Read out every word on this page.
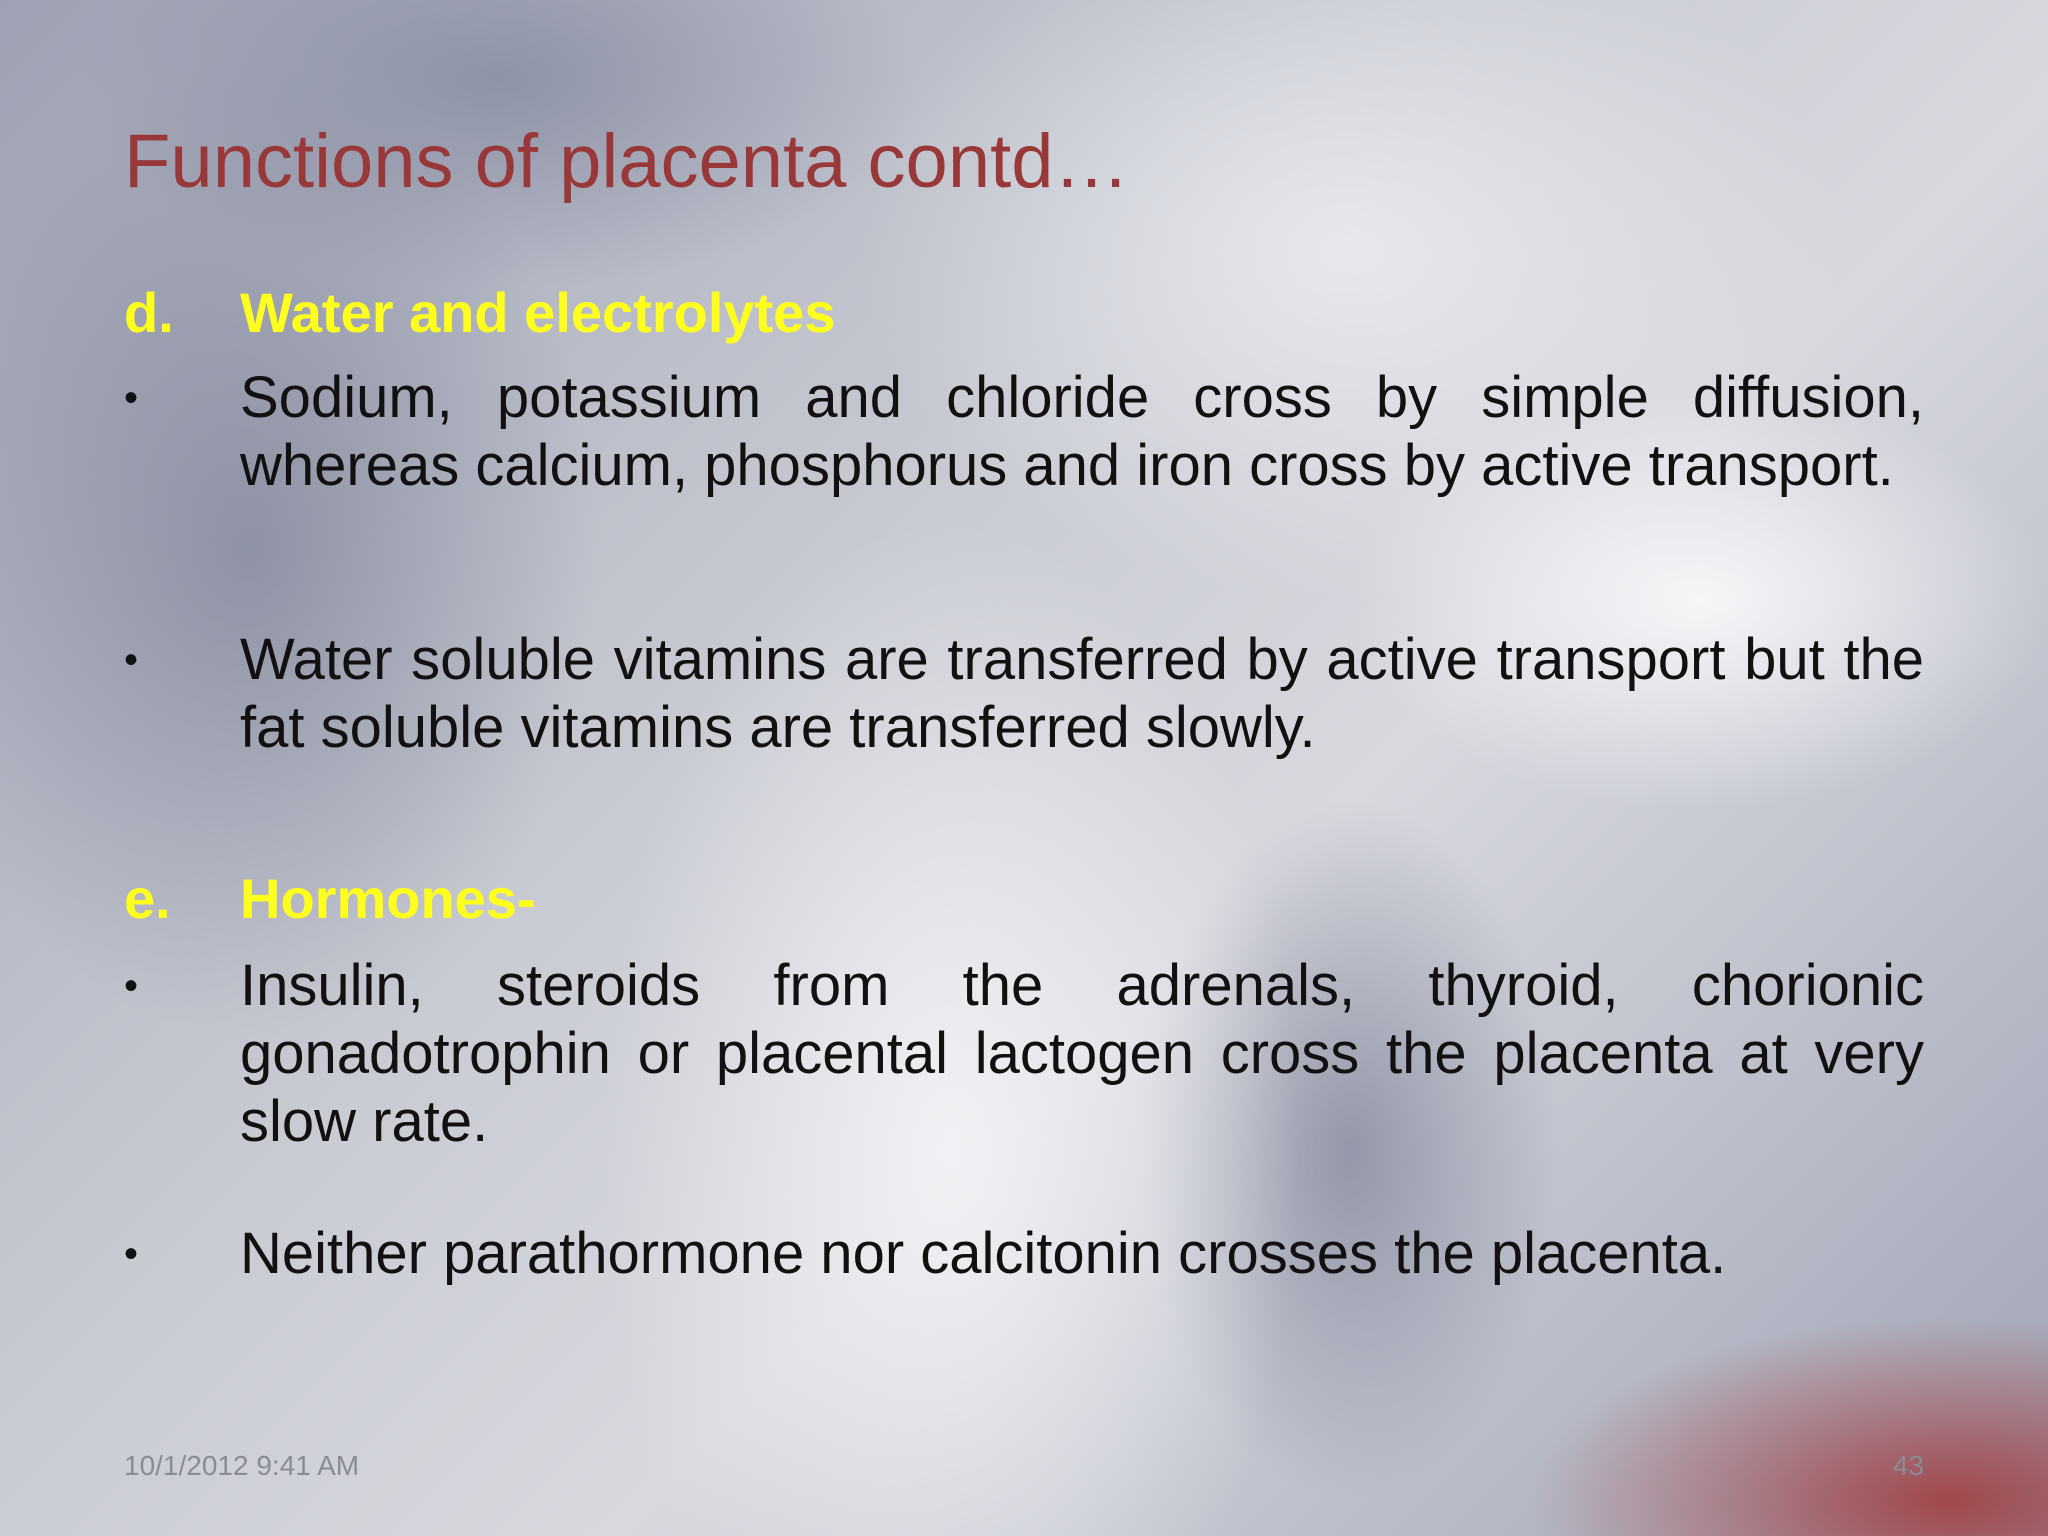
Functions of placenta contd…
d. Water and electrolytes
• Sodium, potassium and chloride cross by simple diffusion, whereas calcium, phosphorus and iron cross by active transport.
• Water soluble vitamins are transferred by active transport but the fat soluble vitamins are transferred slowly.
e. Hormones-
• Insulin, steroids from the adrenals, thyroid, chorionic gonadotrophin or placental lactogen cross the placenta at very slow rate.
• Neither parathormone nor calcitonin crosses the placenta.
10/1/2012 9:41 AM	43
